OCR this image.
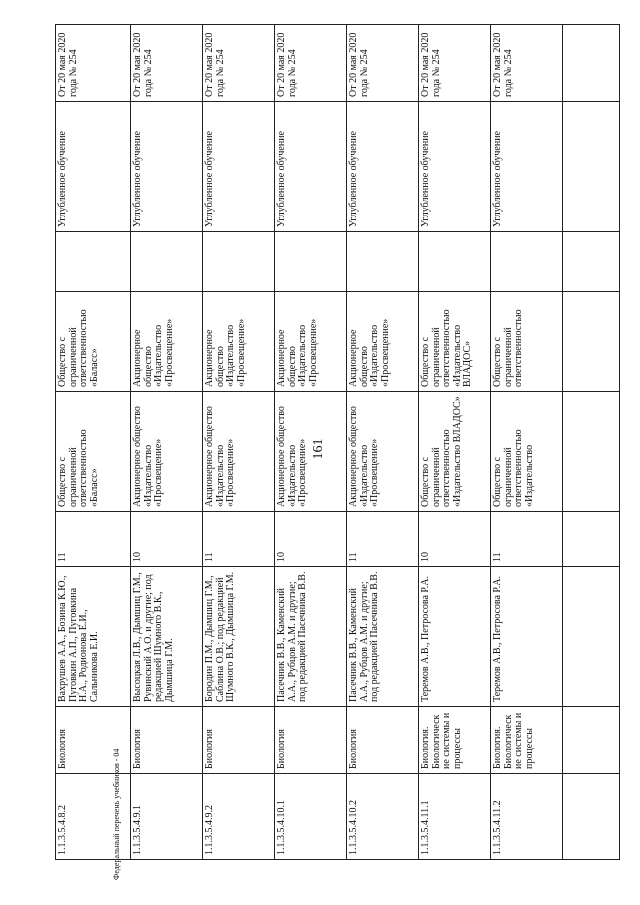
161
Федеральный перечень учебников - 04
1.1.3.5.4.8.2	Биология	Вахрушев А.А., Бозина К.Ю., Пуговкин А.П., Пуговкина Н.А., Родионова Е.И., Сальникова Е.И.	11	Общество с ограниченной ответственностью «Баласс»	Общество с ограниченной ответственностью «Баласс»		Углубленное обучение	От 20 мая 2020 года № 254
1.1.3.5.4.9.1	Биология	Высоцкая Л.В., Дымшиц Г.М., Рувинский А.О. и другие; под редакцией Шумного В.К., Дымшица Г.М.	10	Акционерное общество «Издательство «Просвещение»	Акционерное общество «Издательство «Просвещение»		Углубленное обучение	От 20 мая 2020 года № 254
1.1.3.5.4.9.2	Биология	Бородин П.М., Дымшиц Г.М., Саблина О.В.; под редакцией Шумного В.К., Дымшица Г.М.	11	Акционерное общество «Издательство «Просвещение»	Акционерное общество «Издательство «Просвещение»		Углубленное обучение	От 20 мая 2020 года № 254
1.1.3.5.4.10.1	Биология	Пасечник В.В., Каменский А.А., Рубцов А.М. и другие; под редакцией Пасечника В.В.	10	Акционерное общество «Издательство «Просвещение»	Акционерное общество «Издательство «Просвещение»		Углубленное обучение	От 20 мая 2020 года № 254
1.1.3.5.4.10.2	Биология	Пасечник В.В., Каменский А.А., Рубцов А.М. и другие; под редакцией Пасечника В.В.	11	Акционерное общество «Издательство «Просвещение»	Акционерное общество «Издательство «Просвещение»		Углубленное обучение	От 20 мая 2020 года № 254
1.1.3.5.4.11.1	Биология. Биологические системы и процессы	Теремов А.В., Петросова Р.А.	10	Общество с ограниченной ответственностью «Издательство ВЛАДОС»	Общество с ограниченной ответственностью «Издательство ВЛАДОС»		Углубленное обучение	От 20 мая 2020 года № 254
1.1.3.5.4.11.2	Биология. Биологические системы и процессы	Теремов А.В., Петросова Р.А.	11	Общество с ограниченной ответственностью «Издательство	Общество с ограниченной ответственностью		Углубленное обучение	От 20 мая 2020 года № 254
